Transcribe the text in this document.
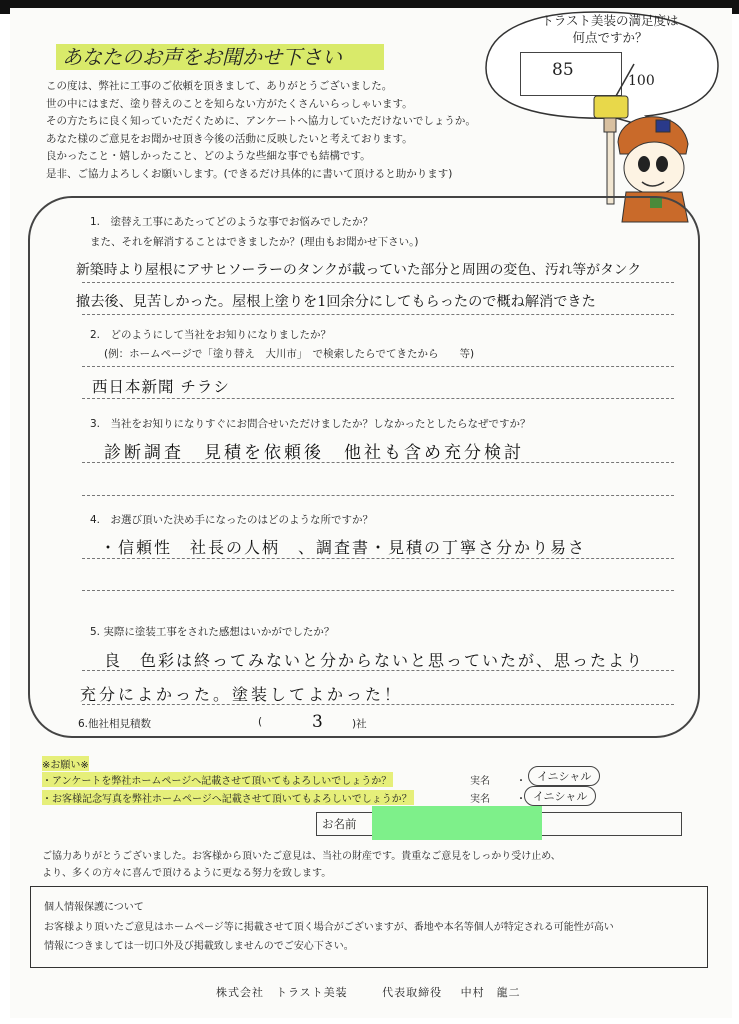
あなたのお声をお聞かせ下さい
この度は、弊社に工事のご依頼を頂きまして、ありがとうございました。
世の中にはまだ、塗り替えのことを知らない方がたくさんいらっしゃいます。
その方たちに良く知っていただくために、アンケートへ協力していただけないでしょうか。
あなた様のご意見をお聞かせ頂き今後の活動に反映したいと考えております。
良かったこと・嬉しかったこと、どのような些細な事でも結構です。
是非、ご協力よろしくお願いします。(できるだけ具体的に書いて頂けると助かります)
トラスト美装の満足度は
何点ですか？
85
100
1.　塗替え工事にあたってどのような事でお悩みでしたか？
また、それを解消することはできましたか？(理由もお聞かせ下さい。)
新築時より屋根にアサヒソーラーのタンクが載っていた部分と周囲の変色、汚れ等がタンク
撤去後、見苦しかった。屋根上塗りを1回余分にしてもらったので概ね解消できた
2.　どのようにして当社をお知りになりましたか？
(例：ホームページで「塗り替え　大川市」　で検索したらでてきたから　　等)
西日本新聞 チラシ
3.　当社をお知りになりすぐにお問合せいただけましたか？しなかったとしたらなぜですか？
診断調査　見積を依頼後　他社も含め充分検討
4.　お選び頂いた決め手になったのはどのような所ですか？
・信頼性　社長の人柄　、調査書・見積の丁寧さ分かり易さ
5. 実際に塗装工事をされた感想はいかがでしたか？
良　色彩は終ってみないと分からないと思っていたが、思ったより
充分によかった。塗装してよかった！
6.他社相見積数	(	3	)社
※お願い※
・アンケートを弊社ホームページへ記載させて頂いてもよろしいでしょうか？	実名	・	イニシャル
・お客様記念写真を弊社ホームページへ記載させて頂いてもよろしいでしょうか？	実名	・ イニシャル
お名前
ご協力ありがとうございました。お客様から頂いたご意見は、当社の財産です。貴重なご意見をしっかり受け止め、
より、多くの方々に喜んで頂けるように更なる努力を致します。
個人情報保護について
お客様より頂いたご意見はホームページ等に掲載させて頂く場合がございますが、番地や本名等個人が特定される可能性が高い
情報につきましては一切口外及び掲載致しませんのでご安心下さい。
株式会社　トラスト美装	代表取締役 中村　龍二
